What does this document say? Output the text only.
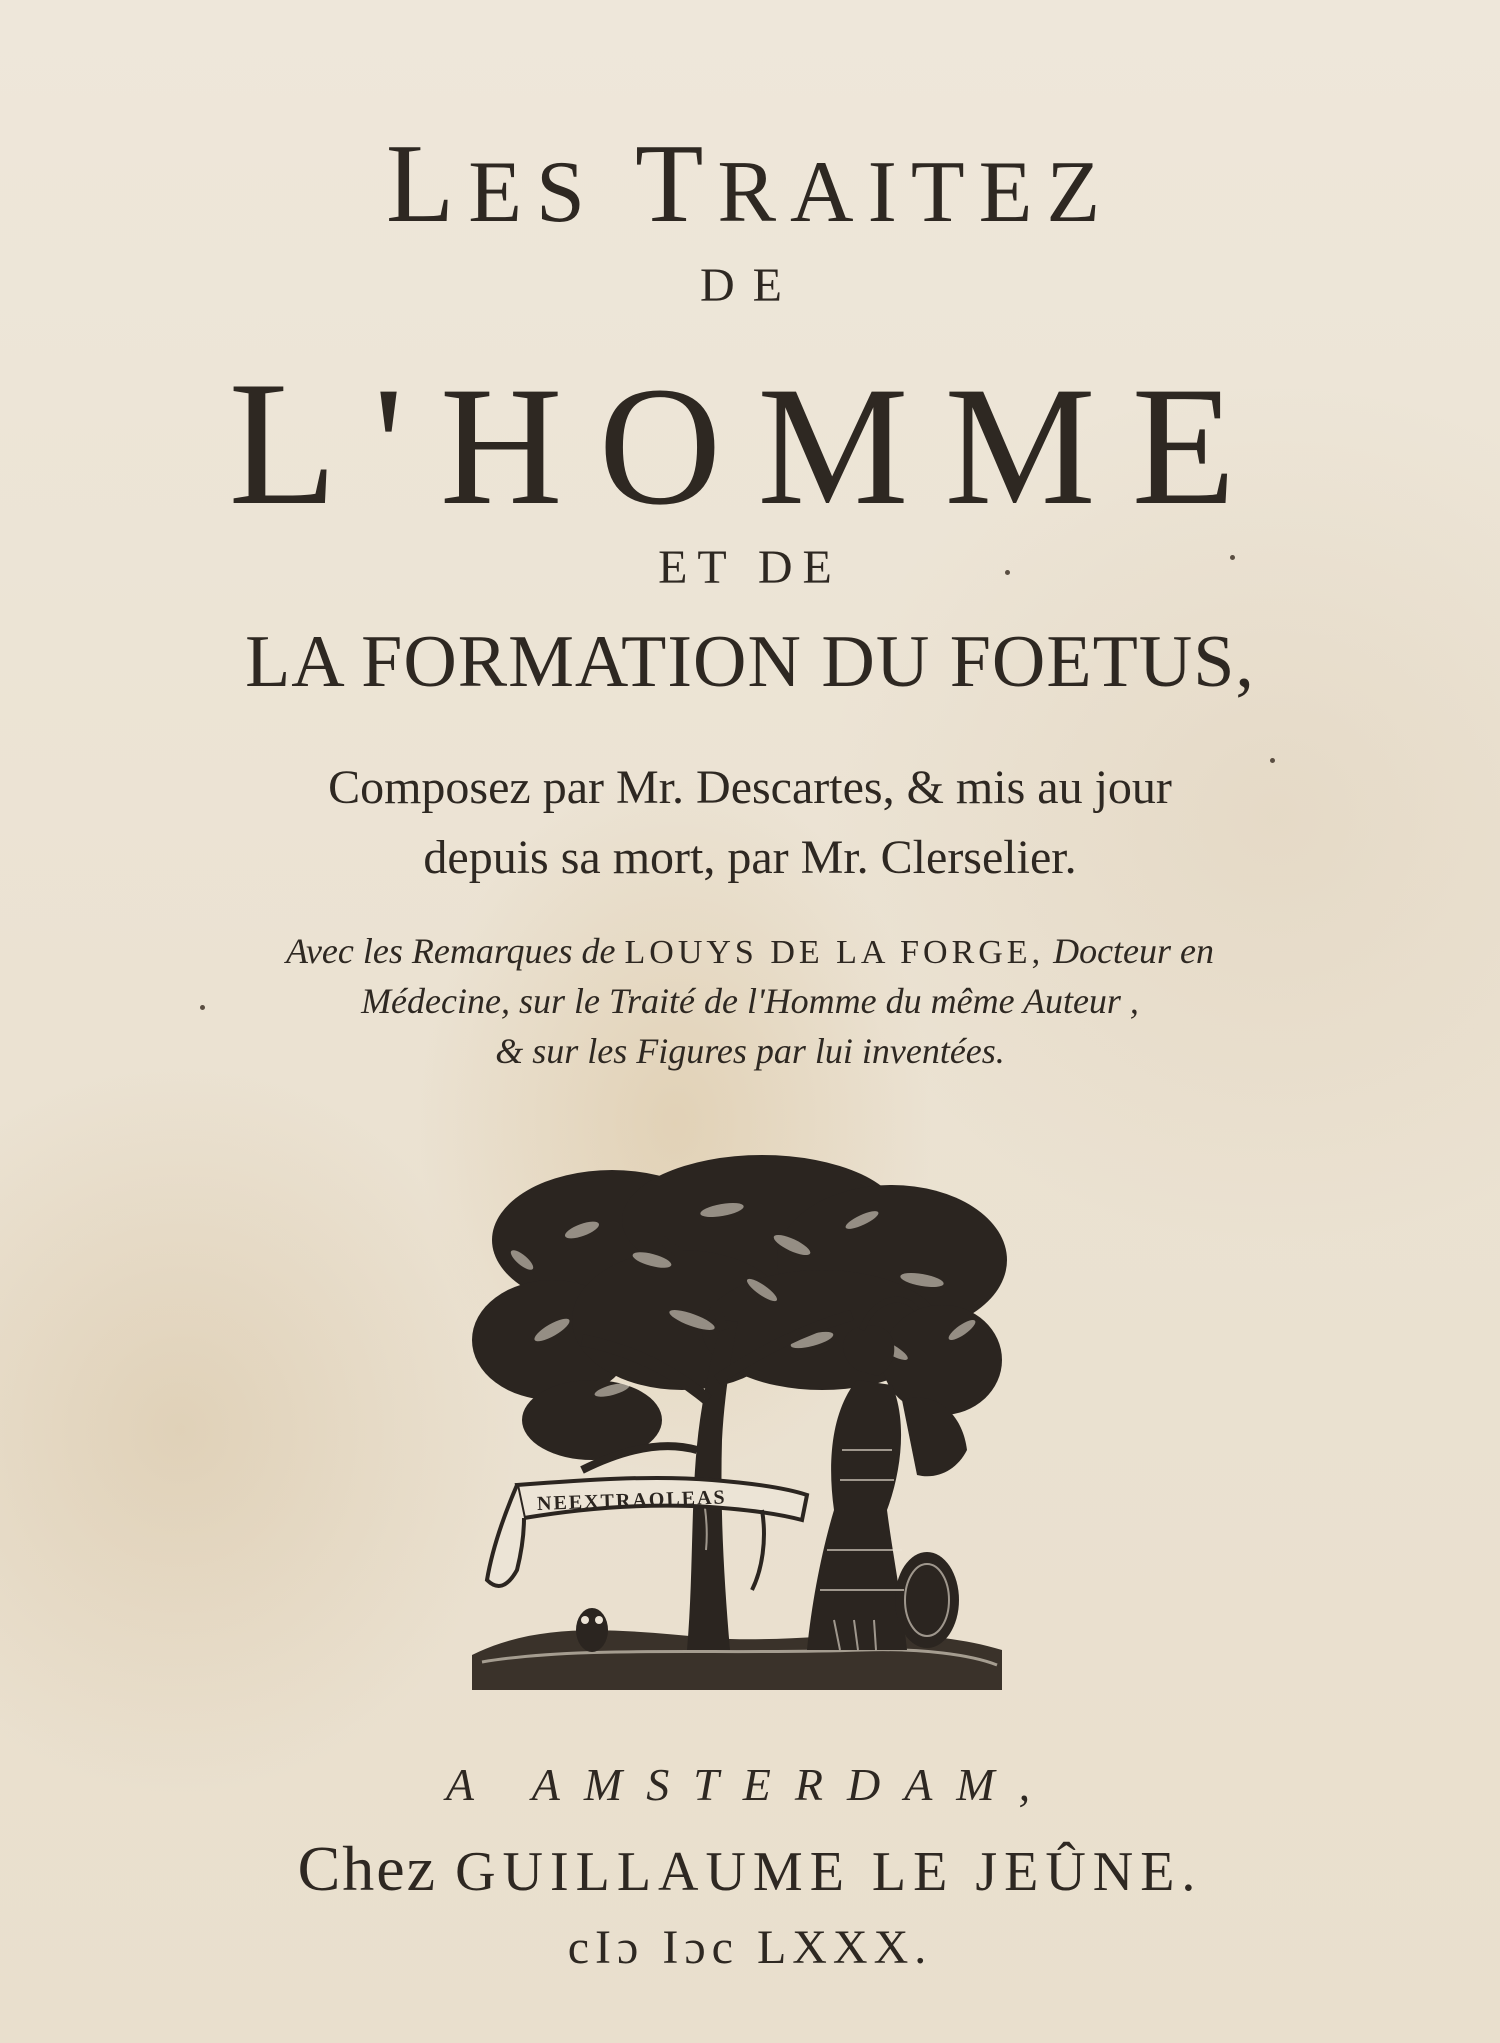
LES TRAITEZ
DE
L'HOMME
ET DE
LA FORMATION DU FOETUS,
Composez par Mr. Descartes, & mis au jour
depuis sa mort, par Mr. Clerselier.
Avec les Remarques de LOUYS DE LA FORGE, Docteur en
Médecine, sur le Traité de l'Homme du même Auteur ,
& sur les Figures par lui inventées.
NEEXTRAOLEAS
A AMSTERDAM,
Chez GUILLAUME LE JEÛNE.
cIɔ Iɔc LXXX.
